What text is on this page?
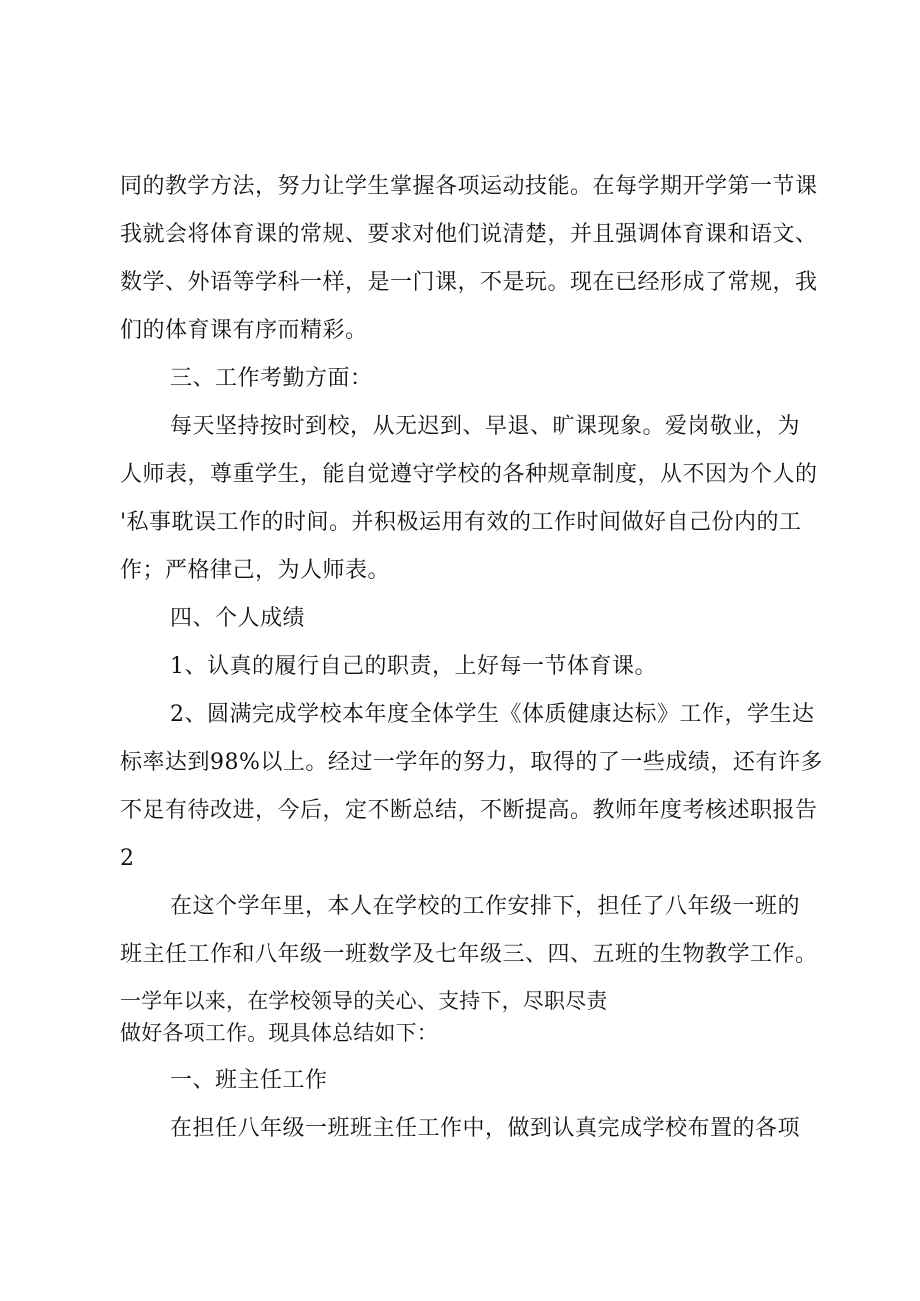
同的教学方法，努力让学生掌握各项运动技能。在每学期开学第一节课
我就会将体育课的常规、要求对他们说清楚，并且强调体育课和语文、
数学、外语等学科一样，是一门课，不是玩。现在已经形成了常规，我
们的体育课有序而精彩。
三、工作考勤方面：
每天坚持按时到校，从无迟到、早退、旷课现象。爱岗敬业，为
人师表，尊重学生，能自觉遵守学校的各种规章制度，从不因为个人的
'私事耽误工作的时间。并积极运用有效的工作时间做好自己份内的工
作；严格律己，为人师表。
四、个人成绩
1、认真的履行自己的职责，上好每一节体育课。
2、圆满完成学校本年度全体学生《体质健康达标》工作，学生达
标率达到98%以上。经过一学年的努力，取得的了一些成绩，还有许多
不足有待改进，今后，定不断总结，不断提高。教师年度考核述职报告
2
在这个学年里，本人在学校的工作安排下，担任了八年级一班的
班主任工作和八年级一班数学及七年级三、四、五班的生物教学工作。
一学年以来，在学校领导的关心、支持下，尽职尽责
做好各项工作。现具体总结如下：
一、班主任工作
在担任八年级一班班主任工作中，做到认真完成学校布置的各项
